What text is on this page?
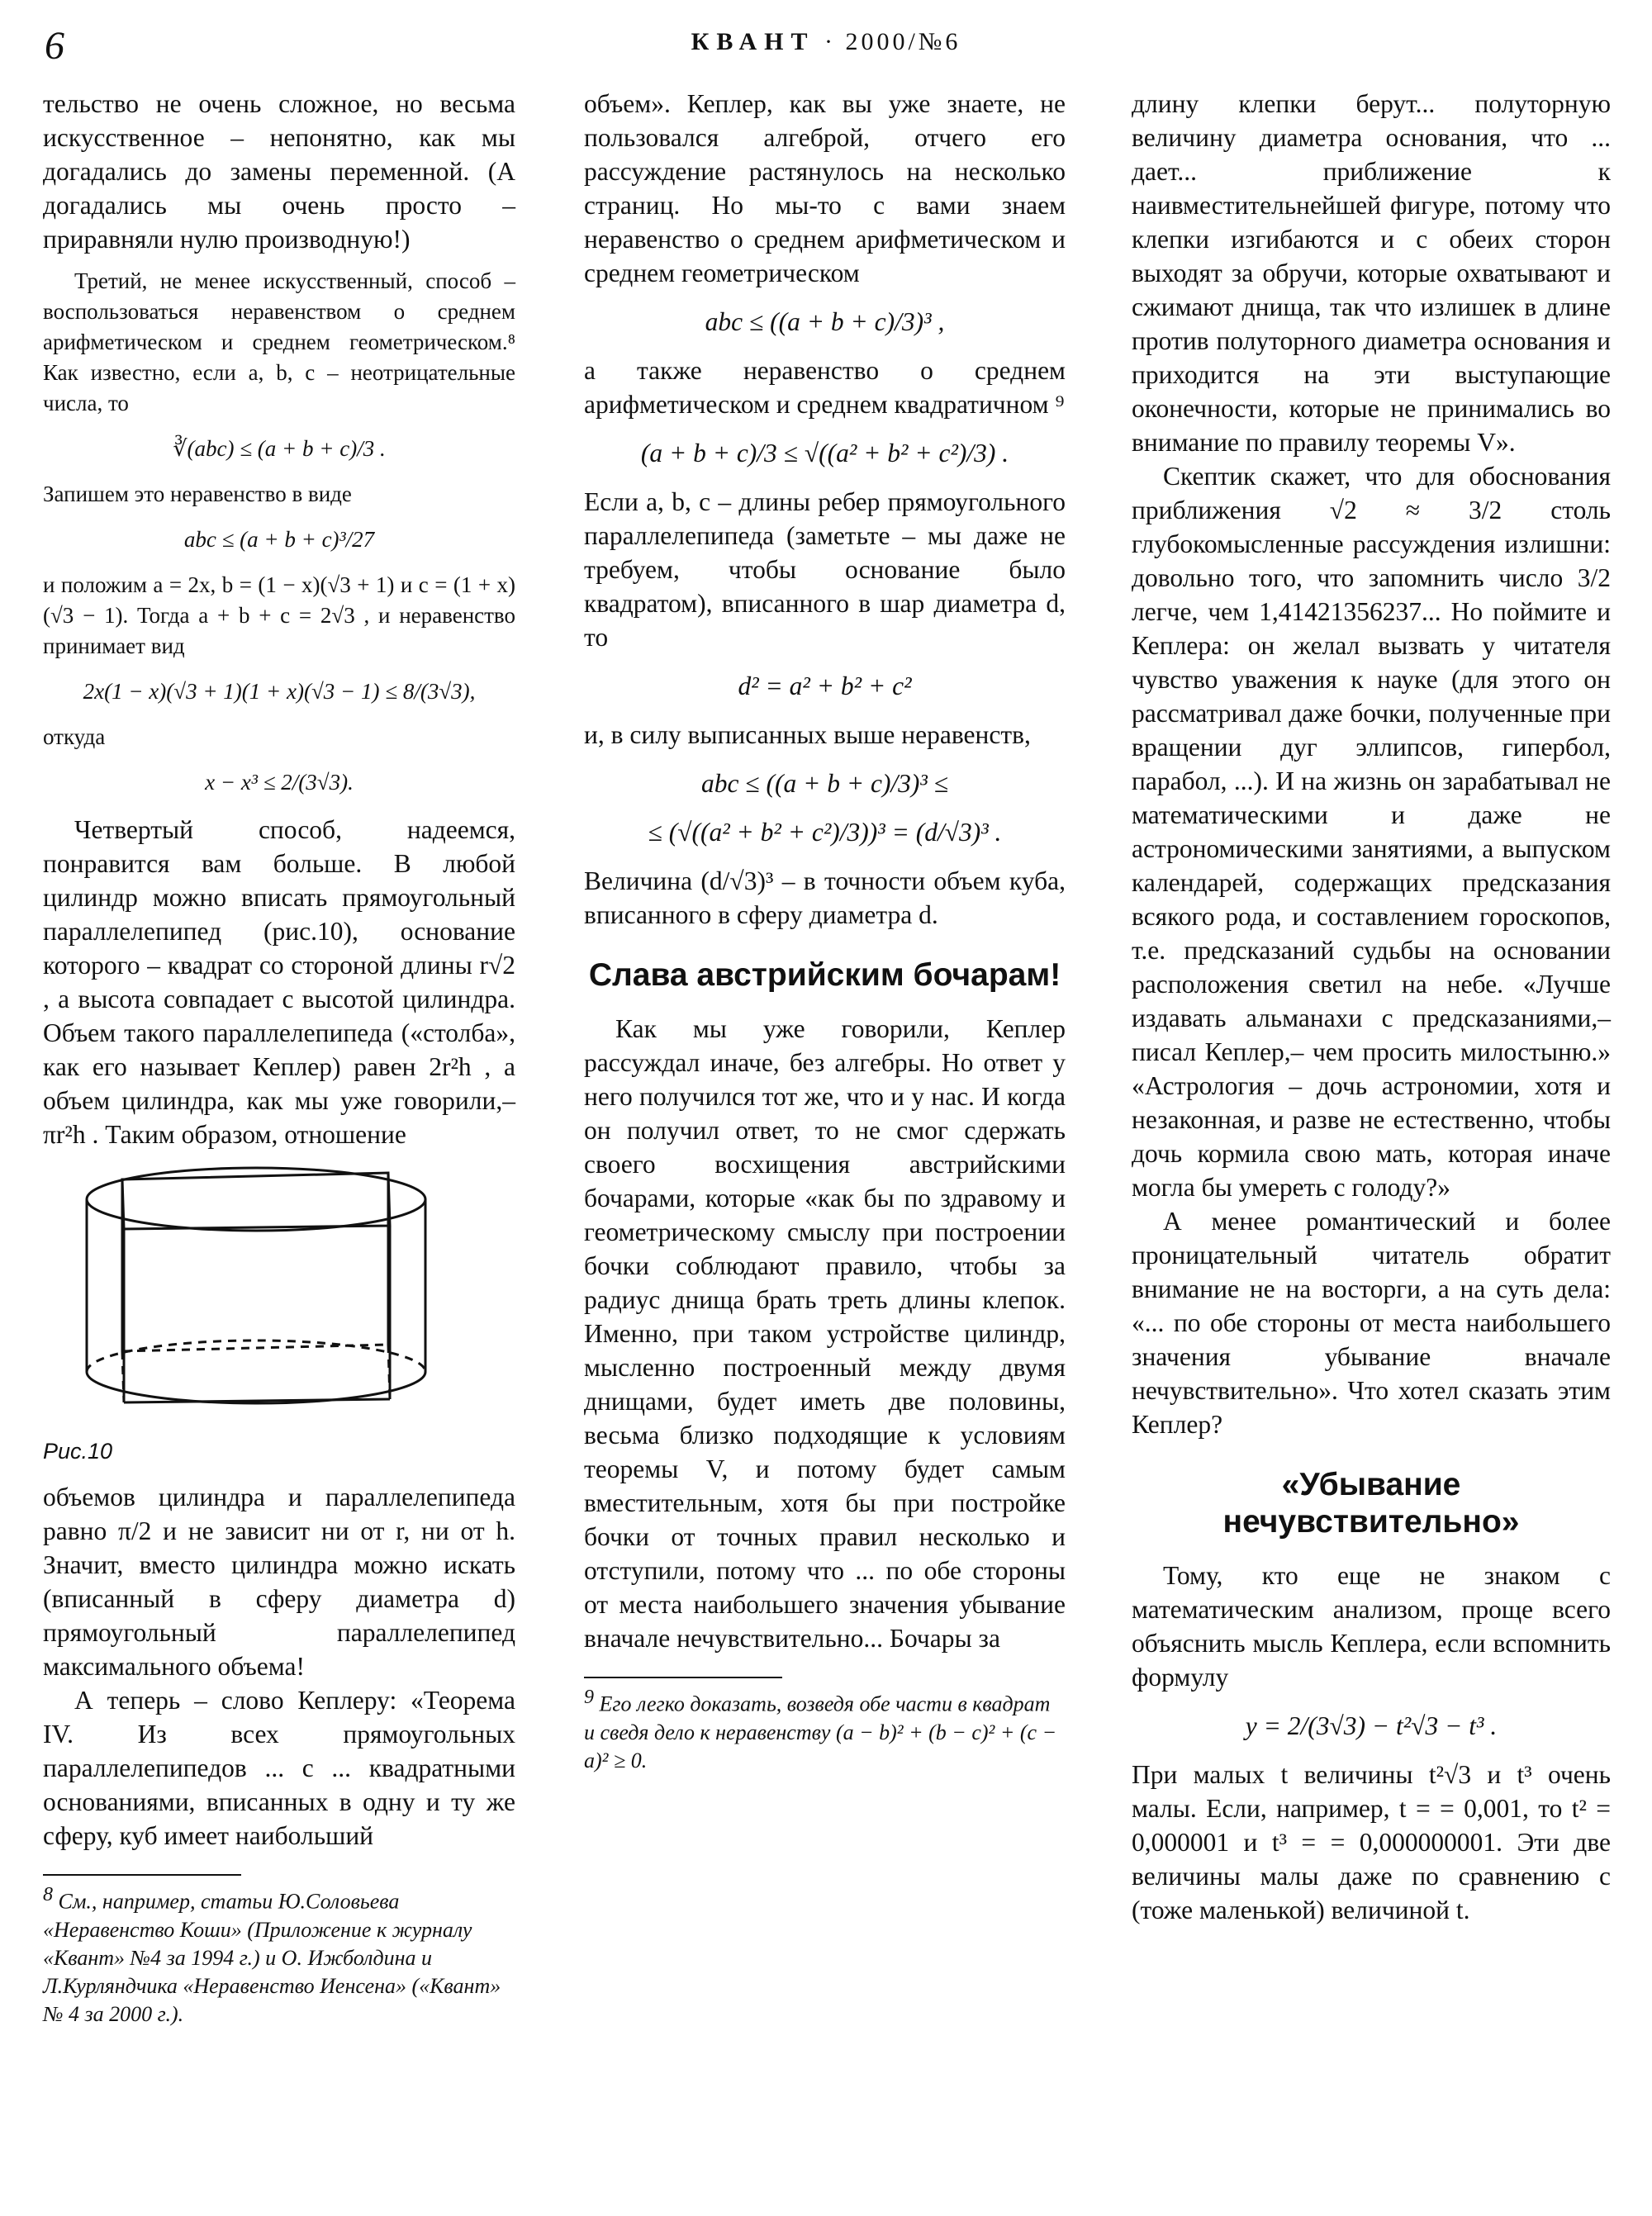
6	КВАНТ · 2000/№6

тельство не очень сложное, но весьма искусственное – непонятно, как мы догадались до замены переменной. (А догадались мы очень просто – приравняли нулю производную!)

Третий, не менее искусственный, способ – воспользоваться неравенством о среднем арифметическом и среднем геометрическом.⁸ Как известно, если a, b, c – неотрицательные числа, то

∛(abc) ≤ (a + b + c)/3 .

Запишем это неравенство в виде

abc ≤ (a + b + c)³/27

и положим a = 2x, b = (1 − x)(√3 + 1) и c = (1 + x)(√3 − 1). Тогда a + b + c = 2√3 , и неравенство принимает вид

2x(1 − x)(√3 + 1)(1 + x)(√3 − 1) ≤ 8/(3√3),

откуда

x − x³ ≤ 2/(3√3).

Четвертый способ, надеемся, понравится вам больше. В любой цилиндр можно вписать прямоугольный параллелепипед (рис.10), основание которого – квадрат со стороной длины r√2 , а высота совпадает с высотой цилиндра. Объем такого параллелепипеда («столба», как его называет Кеплер) равен 2r²h , а объем цилиндра, как мы уже говорили,– πr²h . Таким образом, отношение

Рис.10

объемов цилиндра и параллелепипеда равно π/2 и не зависит ни от r, ни от h. Значит, вместо цилиндра можно искать (вписанный в сферу диаметра d) прямоугольный параллелепипед максимального объема!

А теперь – слово Кеплеру: «Теорема IV. Из всех прямоугольных параллелепипедов ... с ... квадратными основаниями, вписанных в одну и ту же сферу, куб имеет наибольший

$^8$ См., например, статьи Ю.Соловьева «Неравенство Коши» (Приложение к журналу «Квант» №4 за 1994 г.) и О. Ижболдина и Л.Курляндчика «Неравенство Иенсена» («Квант» № 4 за 2000 г.).

объем». Кеплер, как вы уже знаете, не пользовался алгеброй, отчего его рассуждение растянулось на несколько страниц. Но мы-то с вами знаем неравенство о среднем арифметическом и среднем геометрическом

abc ≤ ((a + b + c)/3)³ ,

а также неравенство о среднем арифметическом и среднем квадратичном ⁹

(a + b + c)/3 ≤ √((a² + b² + c²)/3) .

Если a, b, c – длины ребер прямоугольного параллелепипеда (заметьте – мы даже не требуем, чтобы основание было квадратом), вписанного в шар диаметра d, то

d² = a² + b² + c²

и, в силу выписанных выше неравенств,

abc ≤ ((a + b + c)/3)³ ≤
≤ (√((a² + b² + c²)/3))³ = (d/√3)³ .

Величина (d/√3)³ – в точности объем куба, вписанного в сферу диаметра d.

Слава австрийским бочарам!

Как мы уже говорили, Кеплер рассуждал иначе, без алгебры. Но ответ у него получился тот же, что и у нас. И когда он получил ответ, то не смог сдержать своего восхищения австрийскими бочарами, которые «как бы по здравому и геометрическому смыслу при построении бочки соблюдают правило, чтобы за радиус днища брать треть длины клепок. Именно, при таком устройстве цилиндр, мысленно построенный между двумя днищами, будет иметь две половины, весьма близко подходящие к условиям теоремы V, и потому будет самым вместительным, хотя бы при постройке бочки от точных правил несколько и отступили, потому что ... по обе стороны от места наибольшего значения убывание вначале нечувствительно... Бочары за

$^9$ Его легко доказать, возведя обе части в квадрат и сведя дело к неравенству (a − b)² + (b − c)² + (c − a)² ≥ 0.

длину клепки берут... полуторную величину диаметра основания, что ... дает... приближение к наивместительнейшей фигуре, потому что клепки изгибаются и с обеих сторон выходят за обручи, которые охватывают и сжимают днища, так что излишек в длине против полуторного диаметра основания и приходится на эти выступающие оконечности, которые не принимались во внимание по правилу теоремы V».

Скептик скажет, что для обоснования приближения √2 ≈ 3/2 столь глубокомысленные рассуждения излишни: довольно того, что запомнить число 3/2 легче, чем 1,41421356237... Но поймите и Кеплера: он желал вызвать у читателя чувство уважения к науке (для этого он рассматривал даже бочки, полученные при вращении дуг эллипсов, гипербол, парабол, ...). И на жизнь он зарабатывал не математическими и даже не астрономическими занятиями, а выпуском календарей, содержащих предсказания всякого рода, и составлением гороскопов, т.е. предсказаний судьбы на основании расположения светил на небе. «Лучше издавать альманахи с предсказаниями,– писал Кеплер,– чем просить милостыню.» «Астрология – дочь астрономии, хотя и незаконная, и разве не естественно, чтобы дочь кормила свою мать, которая иначе могла бы умереть с голоду?»

А менее романтический и более проницательный читатель обратит внимание не на восторги, а на суть дела: «... по обе стороны от места наибольшего значения убывание вначале нечувствительно». Что хотел сказать этим Кеплер?

«Убывание нечувствительно»

Тому, кто еще не знаком с математическим анализом, проще всего объяснить мысль Кеплера, если вспомнить формулу

y = 2/(3√3) − t²√3 − t³ .

При малых t величины t²√3 и t³ очень малы. Если, например, t = = 0,001, то t² = 0,000001 и t³ = = 0,000000001. Эти две величины малы даже по сравнению с (тоже маленькой) величиной t.
